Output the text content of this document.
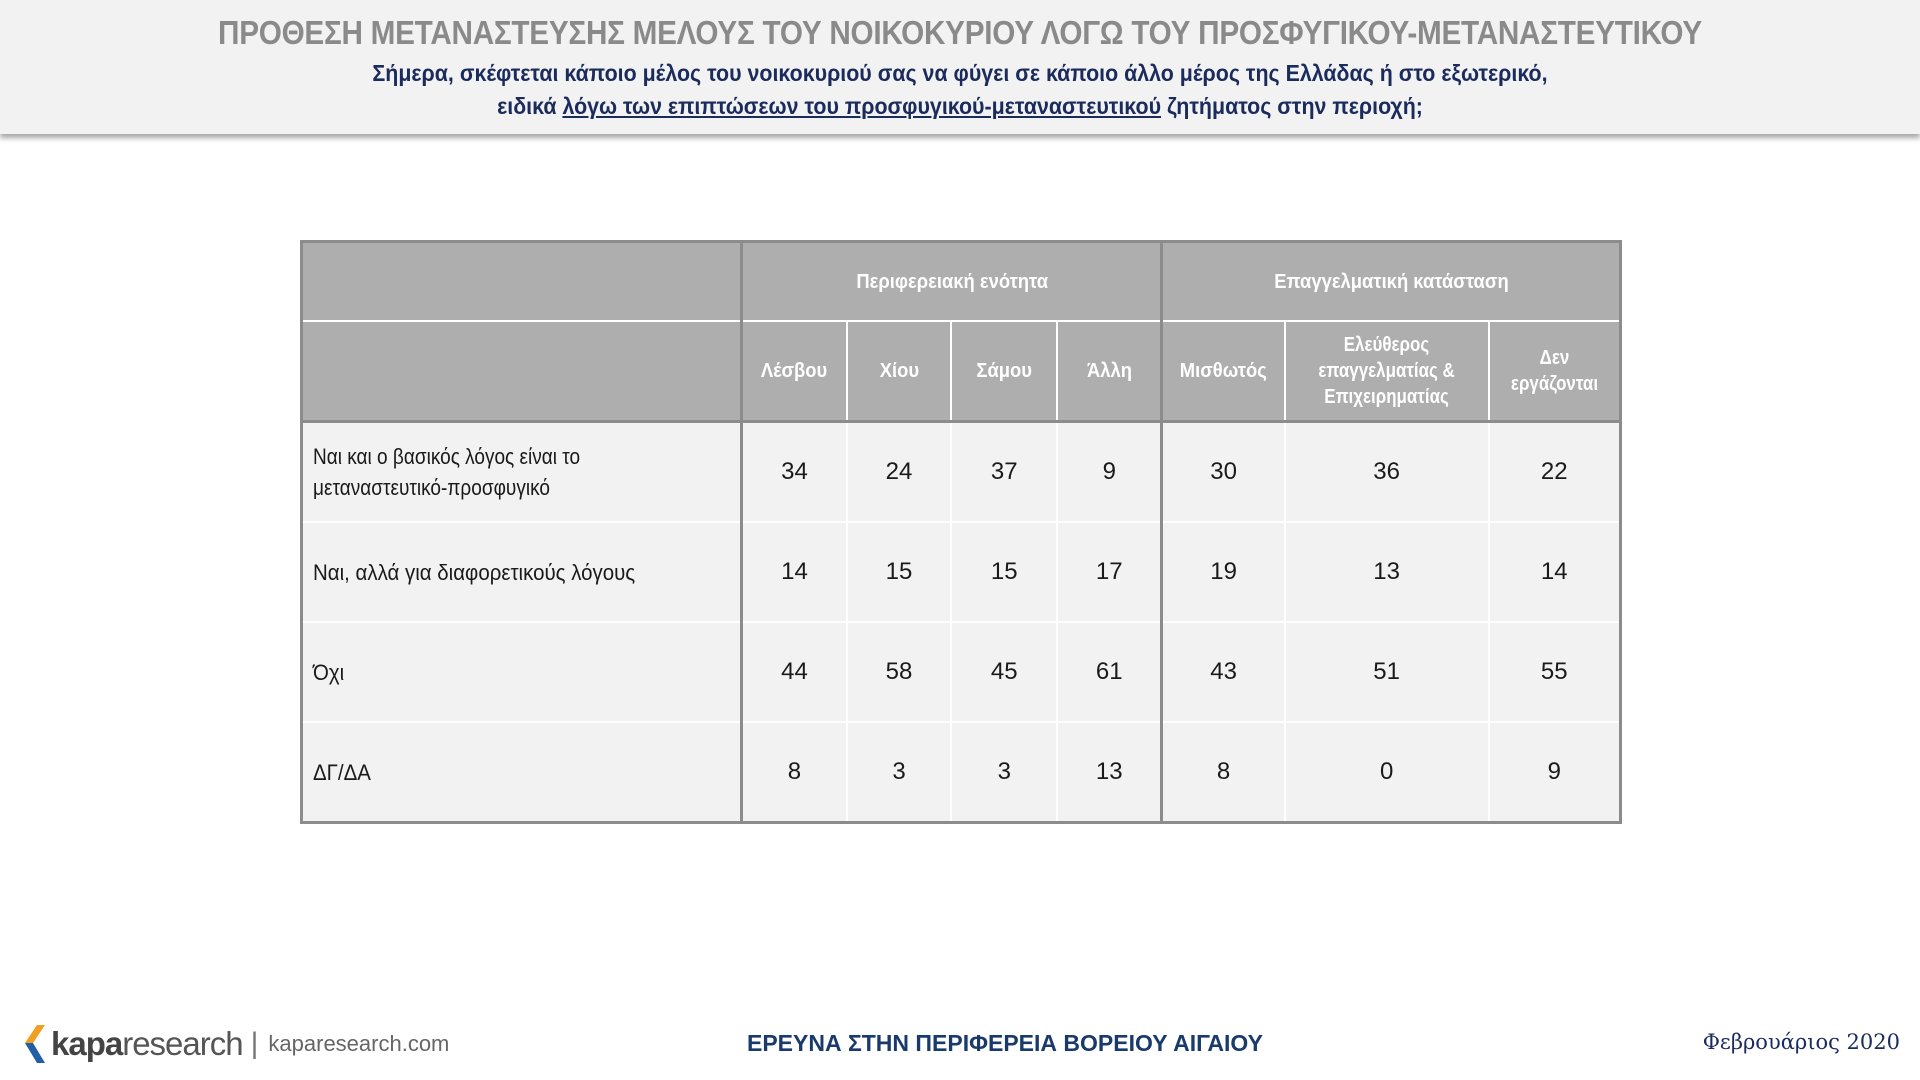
ΠΡΟΘΕΣΗ ΜΕΤΑΝΑΣΤΕΥΣΗΣ ΜΕΛΟΥΣ ΤΟΥ ΝΟΙΚΟΚΥΡΙΟΥ ΛΟΓΩ ΤΟΥ ΠΡΟΣΦΥΓΙΚΟΥ-ΜΕΤΑΝΑΣΤΕΥΤΙΚΟΥ
Σήμερα, σκέφτεται κάποιο μέλος του νοικοκυριού σας να φύγει σε κάποιο άλλο μέρος της Ελλάδας ή στο εξωτερικό,
ειδικά λόγω των επιπτώσεων του προσφυγικού-μεταναστευτικού ζητήματος στην περιοχή;
	Περιφερειακή ενότητα				Επαγγελματική κατάσταση		
	Λέσβου	Χίου	Σάμου	Άλλη	Μισθωτός	Ελεύθερος
επαγγελματίας &
Επιχειρηματίας	Δεν
εργάζονται
Ναι και ο βασικός λόγος είναι το
μεταναστευτικό-προσφυγικό	34	24	37	9	30	36	22
Ναι, αλλά για διαφορετικούς λόγους	14	15	15	17	19	13	14
Όχι	44	58	45	61	43	51	55
ΔΓ/ΔΑ	8	3	3	13	8	0	9
kaparesearch | kaparesearch.com	ΕΡΕΥΝΑ ΣΤΗΝ ΠΕΡΙΦΕΡΕΙΑ ΒΟΡΕΙΟΥ ΑΙΓΑΙΟΥ	Φεβρουάριος 2020
